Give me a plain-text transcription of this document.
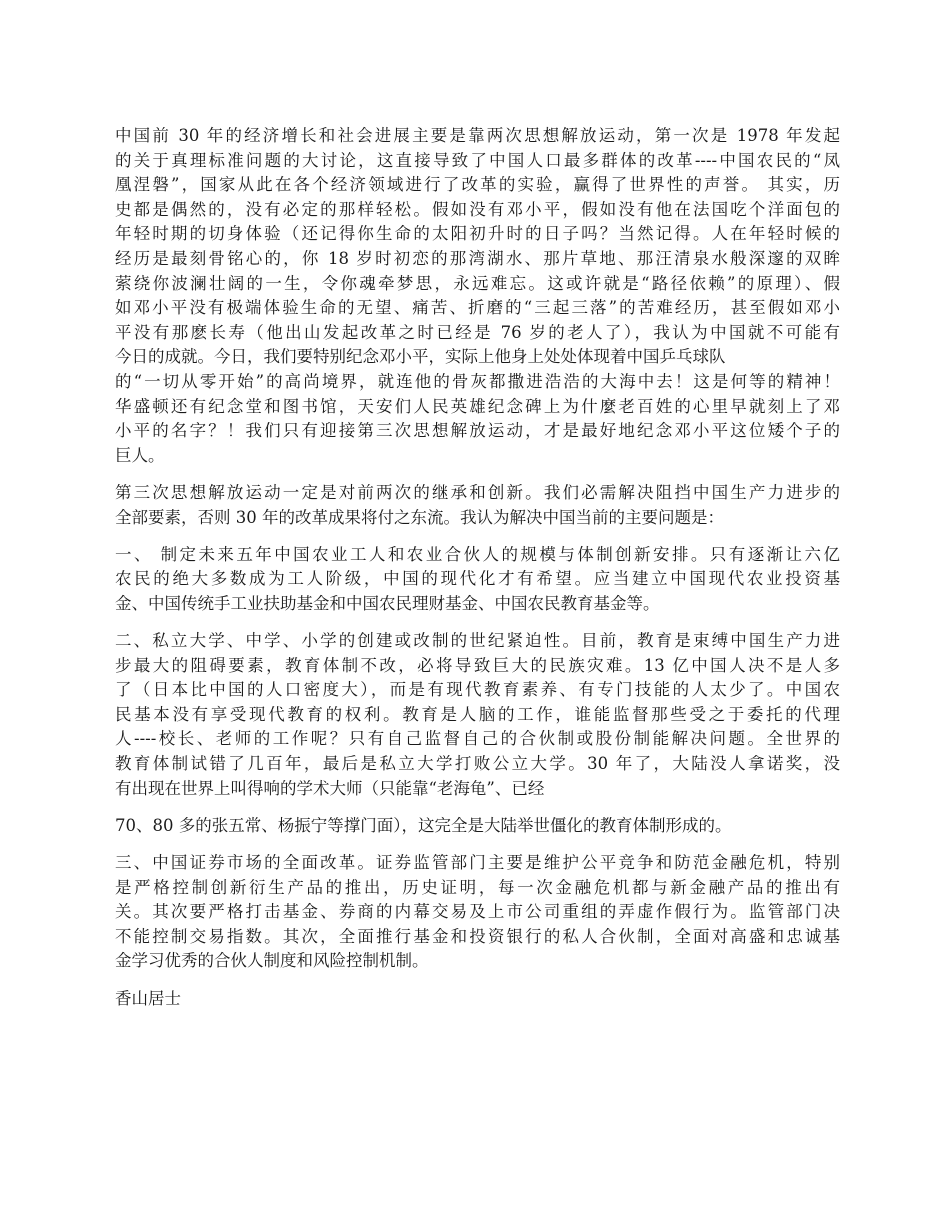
中国前 30 年的经济增长和社会进展主要是靠两次思想解放运动，第一次是 1978 年发起
的关于真理标准问题的大讨论，这直接导致了中国人口最多群体的改革----中国农民的“凤
凰涅磐”，国家从此在各个经济领域进行了改革的实验，赢得了世界性的声誉。 其实，历
史都是偶然的，没有必定的那样轻松。假如没有邓小平，假如没有他在法国吃个洋面包的
年轻时期的切身体验（还记得你生命的太阳初升时的日子吗？当然记得。人在年轻时候的
经历是最刻骨铭心的，你 18 岁时初恋的那湾湖水、那片草地、那汪清泉水般深邃的双眸
萦绕你波澜壮阔的一生，令你魂牵梦思，永远难忘。这或许就是“路径依赖”的原理）、假
如邓小平没有极端体验生命的无望、痛苦、折磨的“三起三落”的苦难经历，甚至假如邓小
平没有那麽长寿（他出山发起改革之时已经是 76 岁的老人了），我认为中国就不可能有
今日的成就。今日，我们要特别纪念邓小平，实际上他身上处处体现着中国乒乓球队
的“一切从零开始”的高尚境界，就连他的骨灰都撒进浩浩的大海中去！这是何等的精神！
华盛顿还有纪念堂和图书馆，天安们人民英雄纪念碑上为什麼老百姓的心里早就刻上了邓
小平的名字？！我们只有迎接第三次思想解放运动，才是最好地纪念邓小平这位矮个子的
巨人。
第三次思想解放运动一定是对前两次的继承和创新。我们必需解决阻挡中国生产力进步的
全部要素，否则 30 年的改革成果将付之东流。我认为解决中国当前的主要问题是：
一、 制定未来五年中国农业工人和农业合伙人的规模与体制创新安排。只有逐渐让六亿
农民的绝大多数成为工人阶级，中国的现代化才有希望。应当建立中国现代农业投资基
金、中国传统手工业扶助基金和中国农民理财基金、中国农民教育基金等。
二、私立大学、中学、小学的创建或改制的世纪紧迫性。目前，教育是束缚中国生产力进
步最大的阻碍要素，教育体制不改，必将导致巨大的民族灾难。13 亿中国人决不是人多
了（日本比中国的人口密度大），而是有现代教育素养、有专门技能的人太少了。中国农
民基本没有享受现代教育的权利。教育是人脑的工作，谁能监督那些受之于委托的代理
人----校长、老师的工作呢？只有自己监督自己的合伙制或股份制能解决问题。全世界的
教育体制试错了几百年，最后是私立大学打败公立大学。30 年了，大陆没人拿诺奖，没
有出现在世界上叫得响的学术大师（只能靠“老海龟”、已经
70、80 多的张五常、杨振宁等撑门面），这完全是大陆举世僵化的教育体制形成的。
三、中国证券市场的全面改革。证券监管部门主要是维护公平竞争和防范金融危机，特别
是严格控制创新衍生产品的推出，历史证明，每一次金融危机都与新金融产品的推出有
关。其次要严格打击基金、券商的内幕交易及上市公司重组的弄虚作假行为。监管部门决
不能控制交易指数。其次，全面推行基金和投资银行的私人合伙制，全面对高盛和忠诚基
金学习优秀的合伙人制度和风险控制机制。

香山居士
